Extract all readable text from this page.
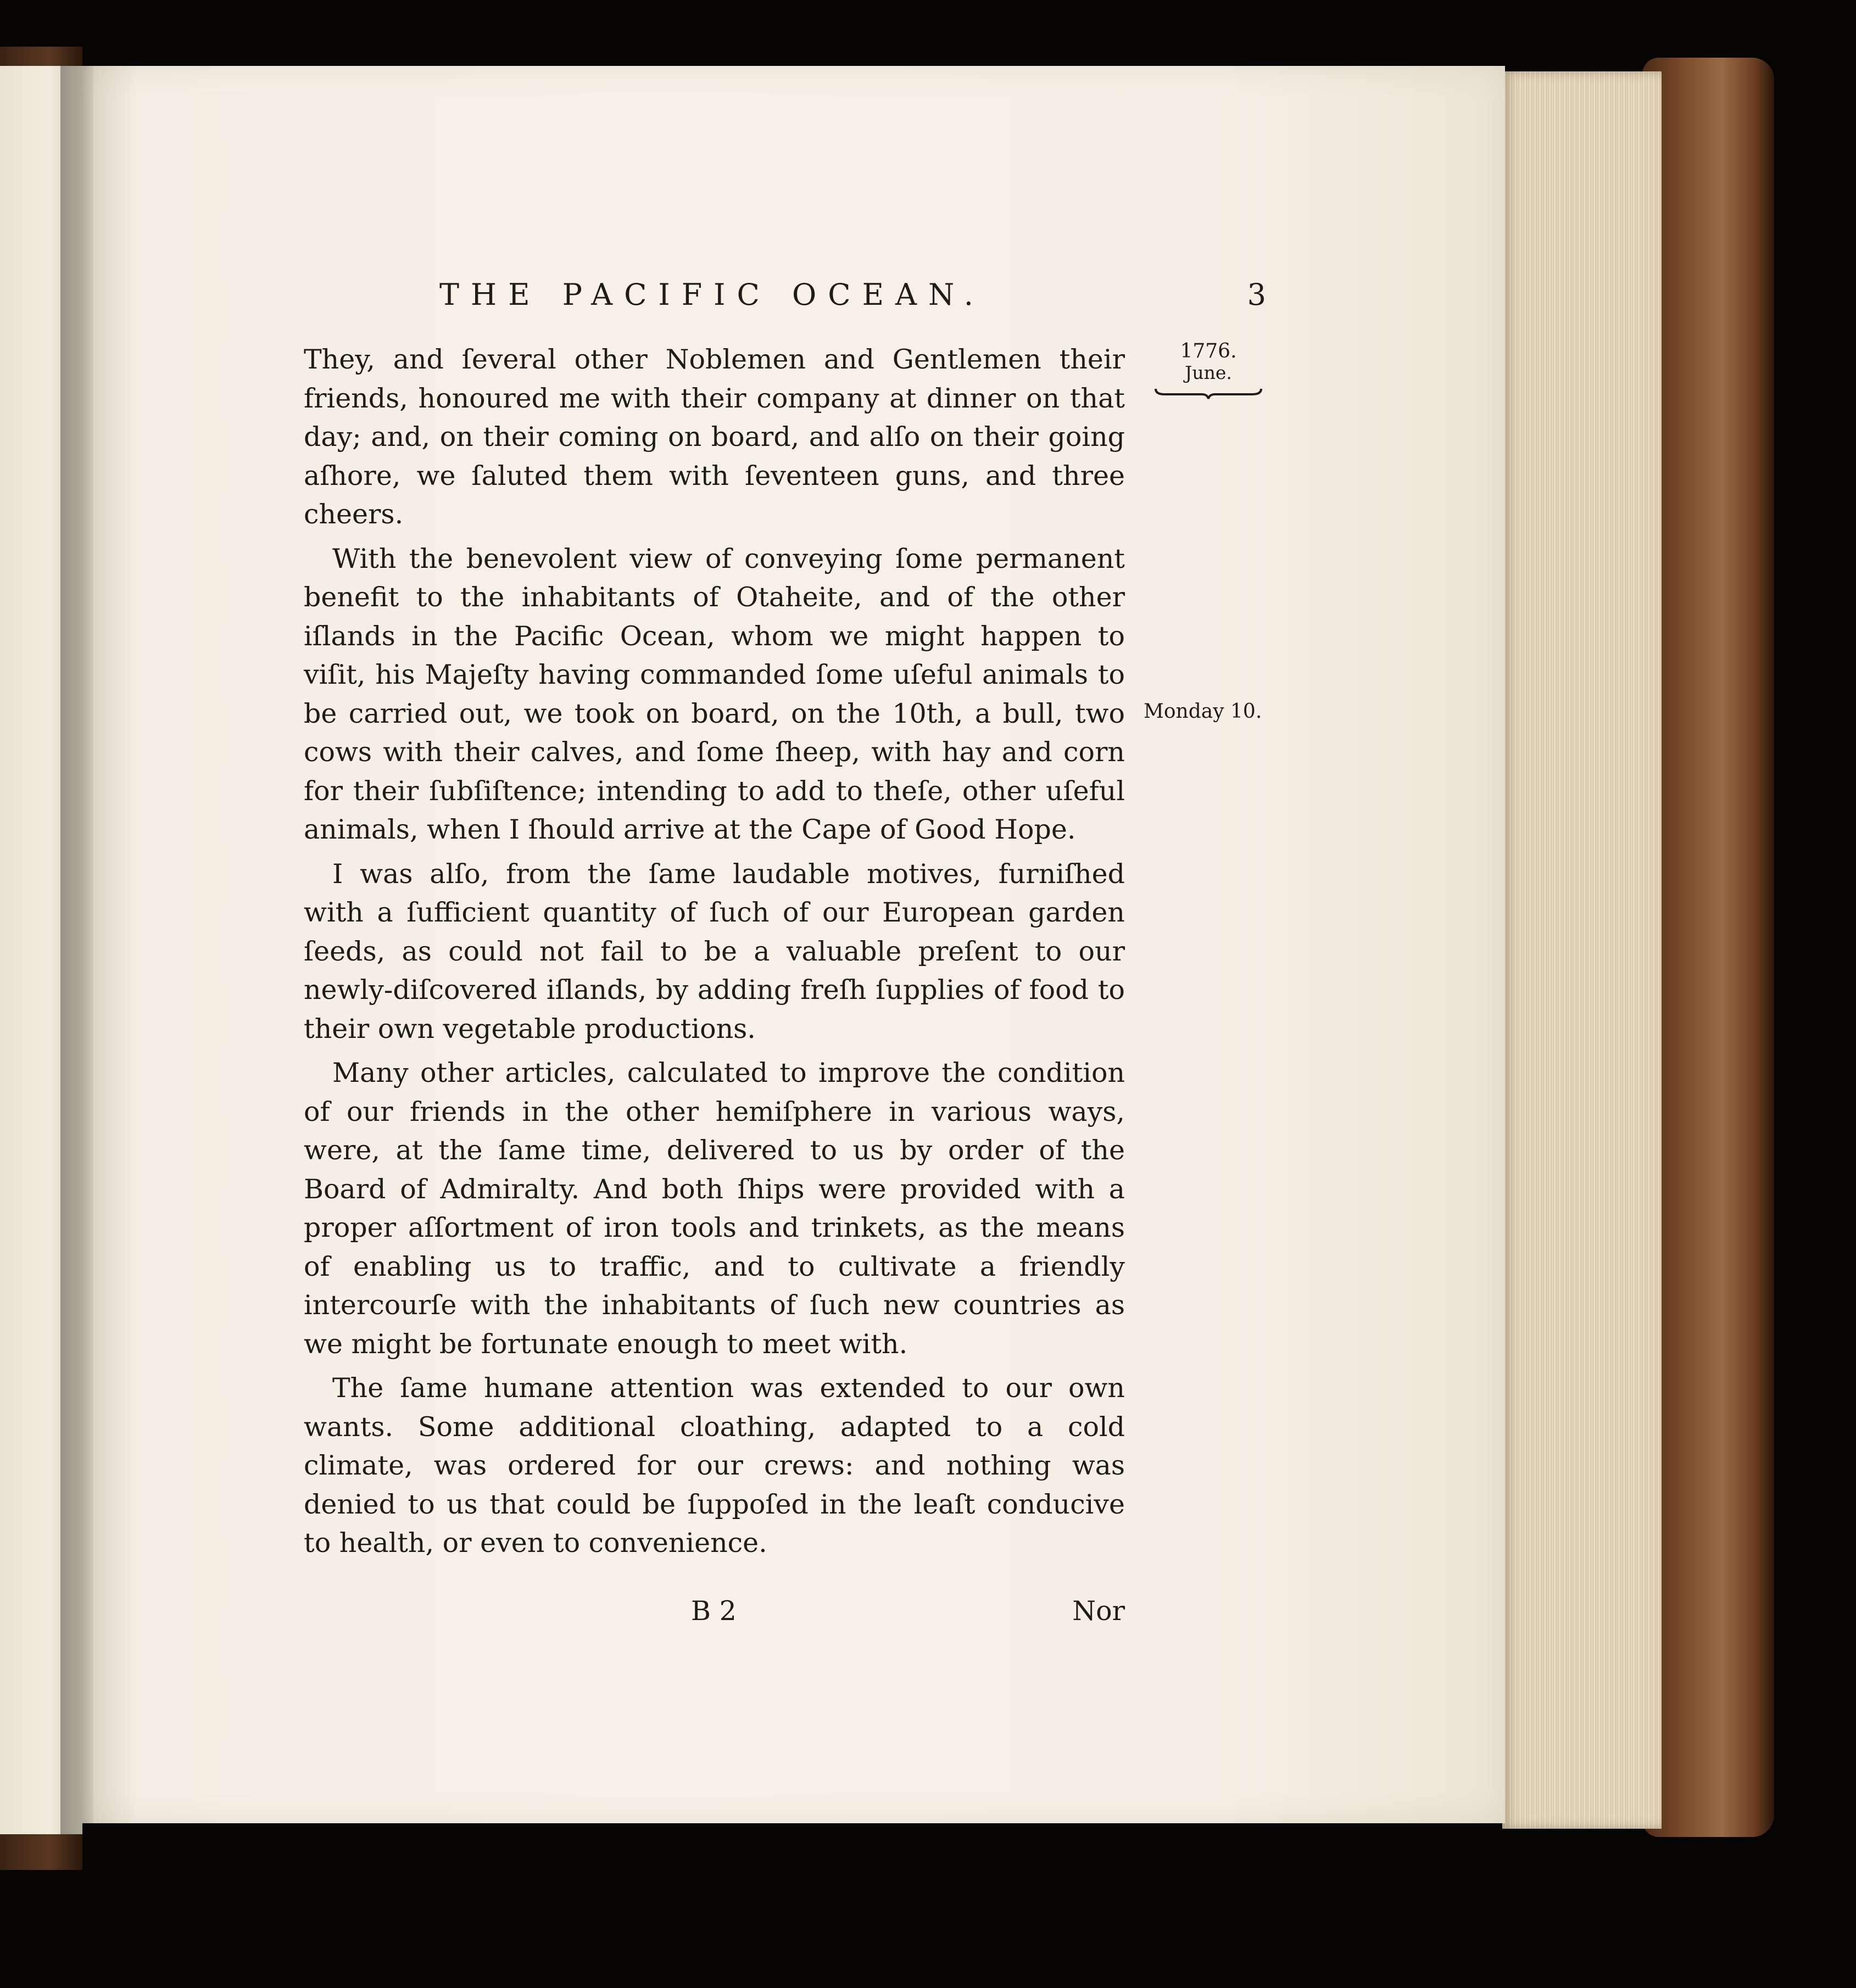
THE PACIFIC OCEAN.	3
1776.
June.
Monday 10.

They, and ſeveral other Noblemen and Gentlemen their friends, honoured me with their company at dinner on that day; and, on their coming on board, and alſo on their going aſhore, we ſaluted them with ſeventeen guns, and three cheers.

With the benevolent view of conveying ſome permanent benefit to the inhabitants of Otaheite, and of the other iſlands in the Pacific Ocean, whom we might happen to viſit, his Majeſty having commanded ſome uſeful animals to be carried out, we took on board, on the 10th, a bull, two cows with their calves, and ſome ſheep, with hay and corn for their ſubſiſtence; intending to add to theſe, other uſeful animals, when I ſhould arrive at the Cape of Good Hope.

I was alſo, from the ſame laudable motives, furniſhed with a ſufficient quantity of ſuch of our European garden ſeeds, as could not fail to be a valuable preſent to our newly-diſcovered iſlands, by adding freſh ſupplies of food to their own vegetable productions.

Many other articles, calculated to improve the condition of our friends in the other hemiſphere in various ways, were, at the ſame time, delivered to us by order of the Board of Admiralty. And both ſhips were provided with a proper aſſortment of iron tools and trinkets, as the means of enabling us to traffic, and to cultivate a friendly intercourſe with the inhabitants of ſuch new countries as we might be fortunate enough to meet with.

The ſame humane attention was extended to our own wants. Some additional cloathing, adapted to a cold climate, was ordered for our crews: and nothing was denied to us that could be ſuppoſed in the leaſt conducive to health, or even to convenience.

B 2	Nor
